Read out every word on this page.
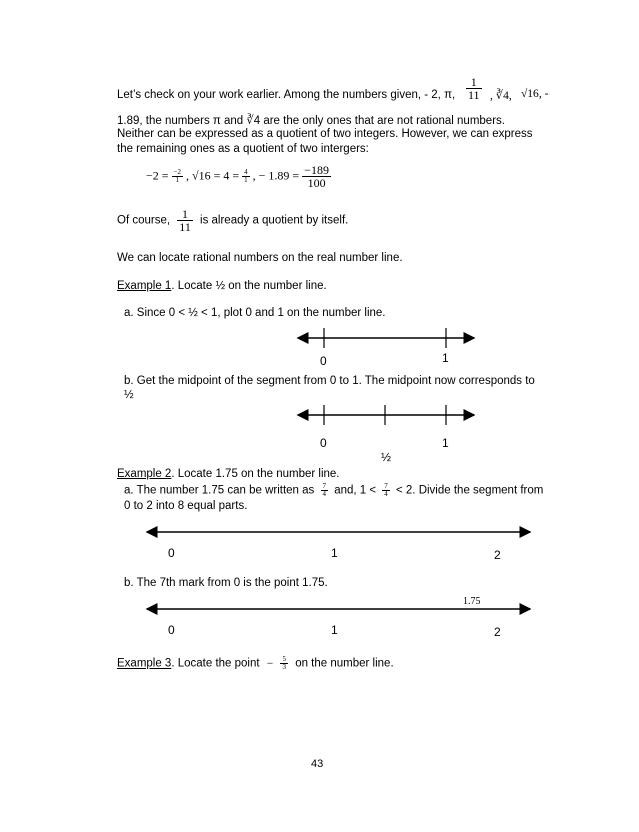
Let’s check on your work earlier. Among the numbers given, - 2, π, $\frac{1}{11}$ , ∛4, √16, -
1.89, the numbers π and ∛4 are the only ones that are not rational numbers.
Neither can be expressed as a quotient of two integers. However, we can express
the remaining ones as a quotient of two intergers:
$-2 = \frac{-2}{1}$ , $√16 = 4 = \frac{4}{1}$ , − $1.89 = \frac{-189}{100}$
Of course, $\frac{1}{11}$ is already a quotient by itself.
We can locate rational numbers on the real number line.
Example 1. Locate ½ on the number line.
a. Since 0 < ½ < 1, plot 0 and 1 on the number line.
b. Get the midpoint of the segment from 0 to 1. The midpoint now corresponds to
½
Example 2. Locate 1.75 on the number line.
a. The number 1.75 can be written as $\frac{7}{4}$ and, $1 < \frac{7}{4} < 2$. Divide the segment from
0 to 2 into 8 equal parts.
b. The 7th mark from 0 is the point 1.75.
Example 3. Locate the point − $\frac{5}{3}$ on the number line.
0	1
0	1
½
0	1	2
1.75
0	1	2
43
